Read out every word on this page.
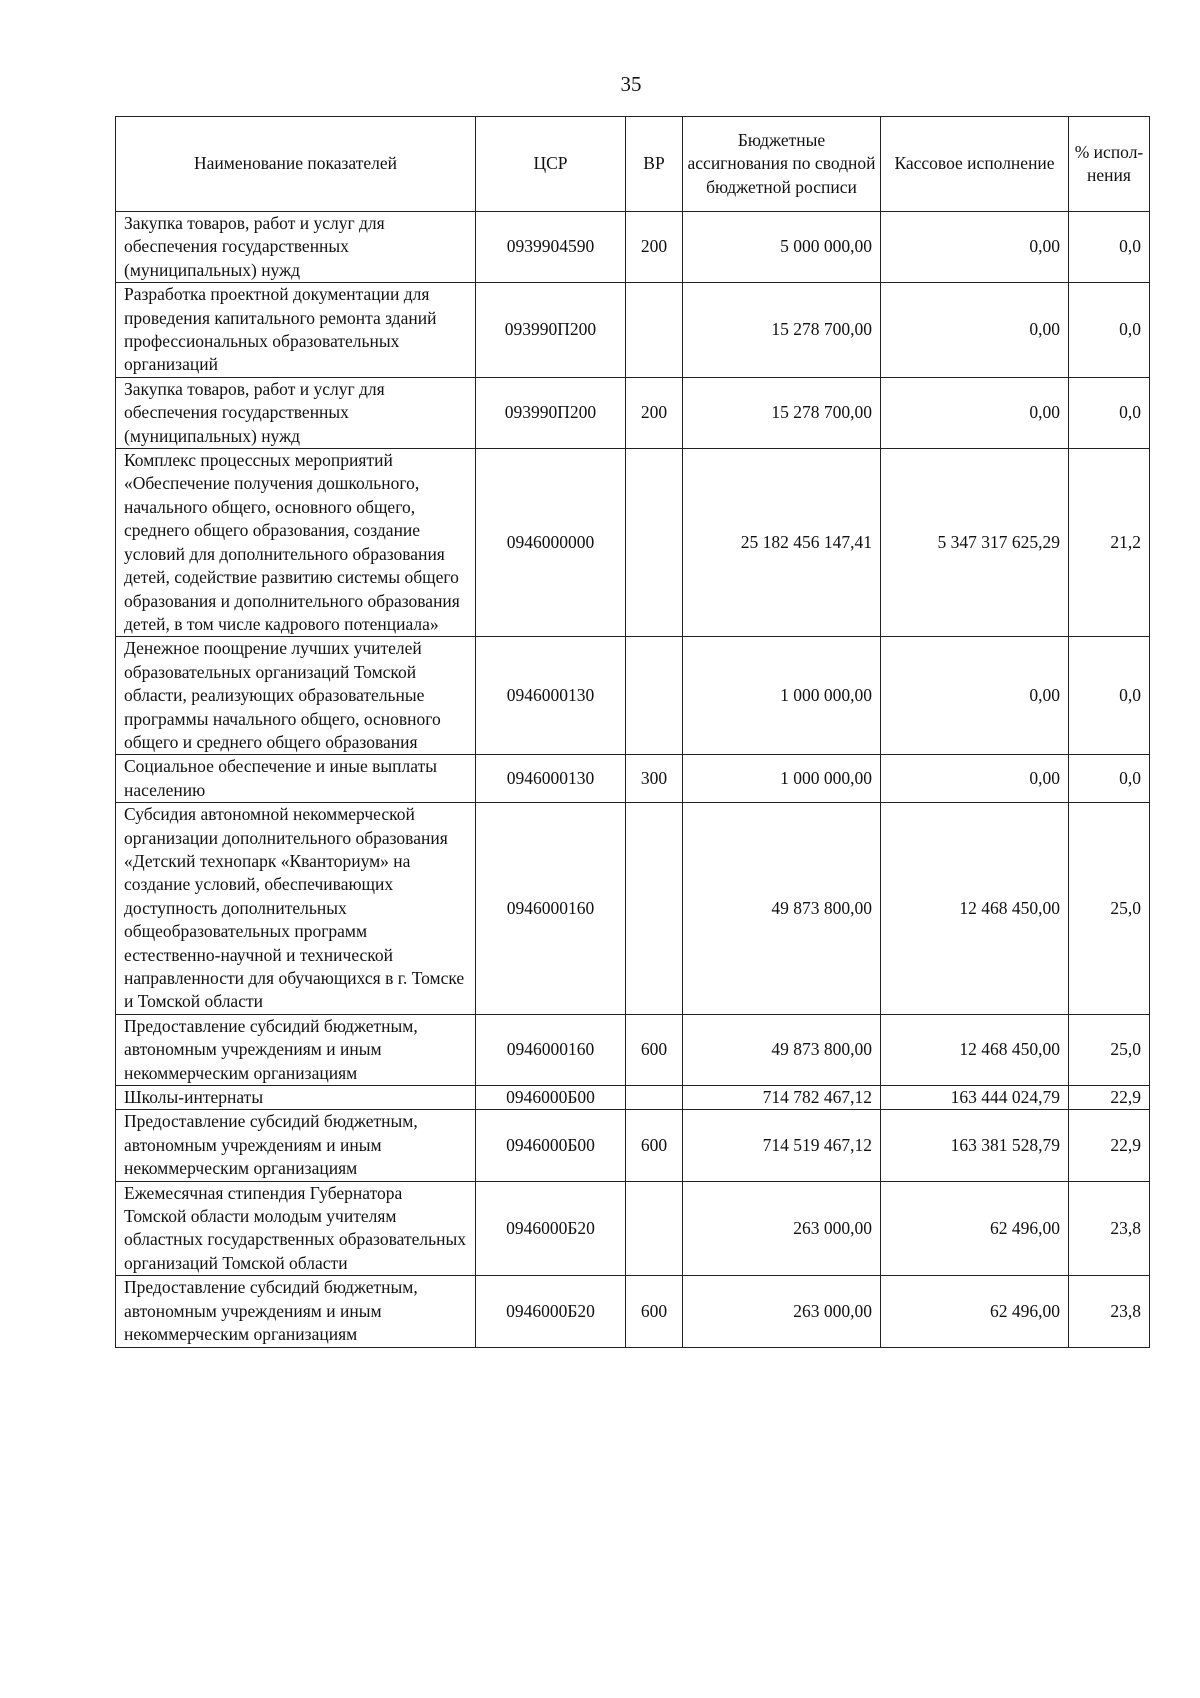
35
Наименование показателей	ЦСР	ВР	Бюджетные ассигнования по сводной бюджетной росписи	Кассовое исполнение	% испол-нения
Закупка товаров, работ и услуг для обеспечения государственных (муниципальных) нужд	0939904590	200	5 000 000,00	0,00	0,0
Разработка проектной документации для проведения капитального ремонта зданий профессиональных образовательных организаций	093990П200		15 278 700,00	0,00	0,0
Закупка товаров, работ и услуг для обеспечения государственных (муниципальных) нужд	093990П200	200	15 278 700,00	0,00	0,0
Комплекс процессных мероприятий «Обеспечение получения дошкольного, начального общего, основного общего, среднего общего образования, создание условий для дополнительного образования детей, содействие развитию системы общего образования и дополнительного образования детей, в том числе кадрового потенциала»	0946000000		25 182 456 147,41	5 347 317 625,29	21,2
Денежное поощрение лучших учителей образовательных организаций Томской области, реализующих образовательные программы начального общего, основного общего и среднего общего образования	0946000130		1 000 000,00	0,00	0,0
Социальное обеспечение и иные выплаты населению	0946000130	300	1 000 000,00	0,00	0,0
Субсидия автономной некоммерческой организации дополнительного образования «Детский технопарк «Кванториум» на создание условий, обеспечивающих доступность дополнительных общеобразовательных программ естественно-научной и технической направленности для обучающихся в г. Томске и Томской области	0946000160		49 873 800,00	12 468 450,00	25,0
Предоставление субсидий бюджетным, автономным учреждениям и иным некоммерческим организациям	0946000160	600	49 873 800,00	12 468 450,00	25,0
Школы-интернаты	0946000Б00		714 782 467,12	163 444 024,79	22,9
Предоставление субсидий бюджетным, автономным учреждениям и иным некоммерческим организациям	0946000Б00	600	714 519 467,12	163 381 528,79	22,9
Ежемесячная стипендия Губернатора Томской области молодым учителям областных государственных образовательных организаций Томской области	0946000Б20		263 000,00	62 496,00	23,8
Предоставление субсидий бюджетным, автономным учреждениям и иным некоммерческим организациям	0946000Б20	600	263 000,00	62 496,00	23,8
